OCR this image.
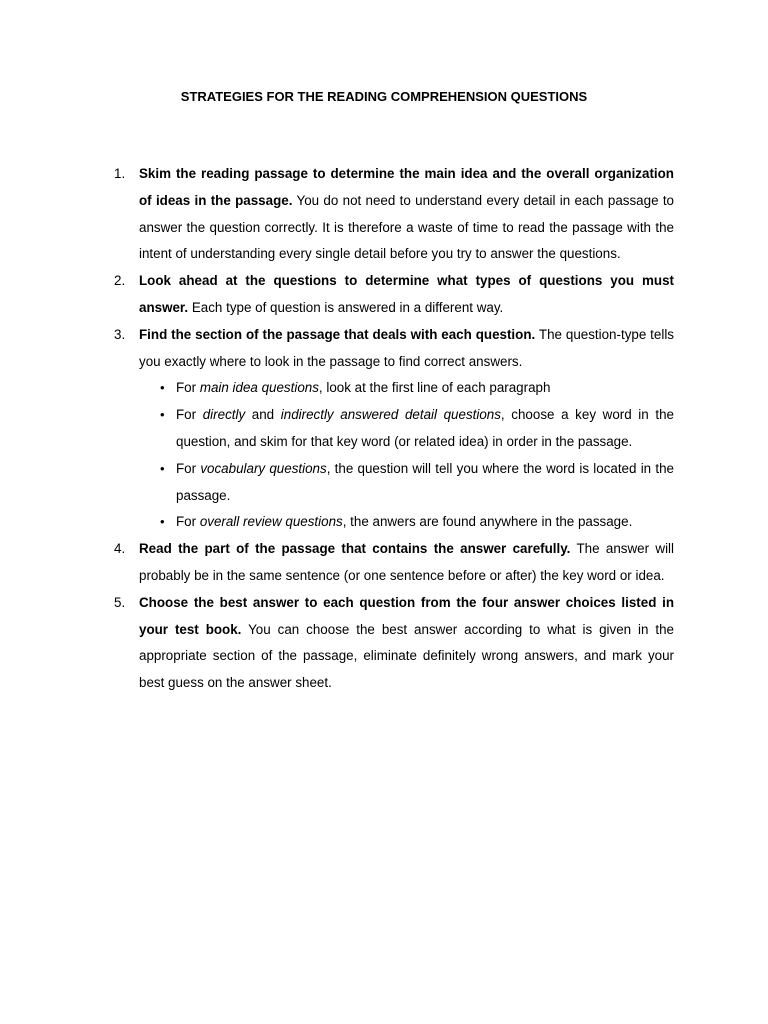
STRATEGIES FOR THE READING COMPREHENSION QUESTIONS
1.	Skim the reading passage to determine the main idea and the overall organization of ideas in the passage. You do not need to understand every detail in each passage to answer the question correctly. It is therefore a waste of time to read the passage with the intent of understanding every single detail before you try to answer the questions.
2.	Look ahead at the questions to determine what types of questions you must answer. Each type of question is answered in a different way.
3.	Find the section of the passage that deals with each question. The question-type tells you exactly where to look in the passage to find correct answers.
• For main idea questions, look at the first line of each paragraph
• For directly and indirectly answered detail questions, choose a key word in the question, and skim for that key word (or related idea) in order in the passage.
• For vocabulary questions, the question will tell you where the word is located in the passage.
• For overall review questions, the anwers are found anywhere in the passage.
4.	Read the part of the passage that contains the answer carefully. The answer will probably be in the same sentence (or one sentence before or after) the key word or idea.
5.	Choose the best answer to each question from the four answer choices listed in your test book. You can choose the best answer according to what is given in the appropriate section of the passage, eliminate definitely wrong answers, and mark your best guess on the answer sheet.
